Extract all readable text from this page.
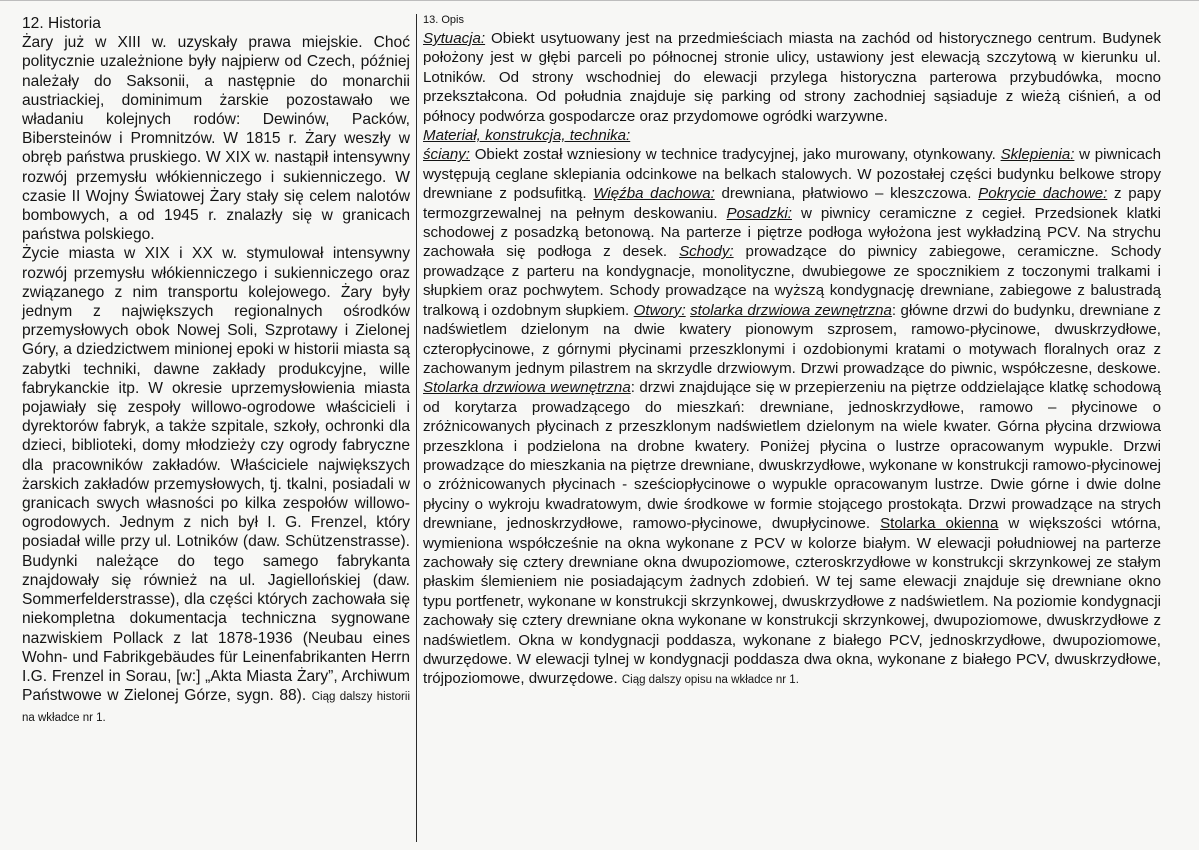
12. Historia

Żary już w XIII w. uzyskały prawa miejskie. Choć politycznie uzależnione były najpierw od Czech, później należały do Saksonii, a następnie do monarchii austriackiej, dominimum żarskie pozostawało we władaniu kolejnych rodów: Dewinów, Packów, Bibersteinów i Promnitzów. W 1815 r. Żary weszły w obręb państwa pruskiego. W XIX w. nastąpił intensywny rozwój przemysłu włókienniczego i sukienniczego. W czasie II Wojny Światowej Żary stały się celem nalotów bombowych, a od 1945 r. znalazły się w granicach państwa polskiego.

Życie miasta w XIX i XX w. stymulował intensywny rozwój przemysłu włókienniczego i sukienniczego oraz związanego z nim transportu kolejowego. Żary były jednym z największych regionalnych ośrodków przemysłowych obok Nowej Soli, Szprotawy i Zielonej Góry, a dziedzictwem minionej epoki w historii miasta są zabytki techniki, dawne zakłady produkcyjne, wille fabrykanckie itp. W okresie uprzemysłowienia miasta pojawiały się zespoły willowo-ogrodowe właścicieli i dyrektorów fabryk, a także szpitale, szkoły, ochronki dla dzieci, biblioteki, domy młodzieży czy ogrody fabryczne dla pracowników zakładów. Właściciele największych żarskich zakładów przemysłowych, tj. tkalni, posiadali w granicach swych własności po kilka zespołów willowo-ogrodowych. Jednym z nich był I. G. Frenzel, który posiadał wille przy ul. Lotników (daw. Schützenstrasse). Budynki należące do tego samego fabrykanta znajdowały się również na ul. Jagiellońskiej (daw. Sommerfelderstrasse), dla części których zachowała się niekompletna dokumentacja techniczna sygnowane nazwiskiem Pollack z lat 1878-1936 (Neubau eines Wohn- und Fabrikgebäudes für Leinenfabrikanten Herrn I.G. Frenzel in Sorau, [w:] „Akta Miasta Żary”, Archiwum Państwowe w Zielonej Górze, sygn. 88). Ciąg dalszy historii na wkładce nr 1.

13. Opis

Sytuacja: Obiekt usytuowany jest na przedmieściach miasta na zachód od historycznego centrum. Budynek położony jest w głębi parceli po północnej stronie ulicy, ustawiony jest elewacją szczytową w kierunku ul. Lotników. Od strony wschodniej do elewacji przylega historyczna parterowa przybudówka, mocno przekształcona. Od południa znajduje się parking od strony zachodniej sąsiaduje z wieżą ciśnień, a od północy podwórza gospodarcze oraz przydomowe ogródki warzywne.

Materiał, konstrukcja, technika:

ściany: Obiekt został wzniesiony w technice tradycyjnej, jako murowany, otynkowany. Sklepienia: w piwnicach występują ceglane sklepiania odcinkowe na belkach stalowych. W pozostałej części budynku belkowe stropy drewniane z podsufitką. Więźba dachowa: drewniana, płatwiowo – kleszczowa. Pokrycie dachowe: z papy termozgrzewalnej na pełnym deskowaniu. Posadzki: w piwnicy ceramiczne z cegieł. Przedsionek klatki schodowej z posadzką betonową. Na parterze i piętrze podłoga wyłożona jest wykładziną PCV. Na strychu zachowała się podłoga z desek. Schody: prowadzące do piwnicy zabiegowe, ceramiczne. Schody prowadzące z parteru na kondygnacje, monolityczne, dwubiegowe ze spocznikiem z toczonymi tralkami i słupkiem oraz pochwytem. Schody prowadzące na wyższą kondygnację drewniane, zabiegowe z balustradą tralkową i ozdobnym słupkiem. Otwory: stolarka drzwiowa zewnętrzna: główne drzwi do budynku, drewniane z nadświetlem dzielonym na dwie kwatery pionowym szprosem, ramowo-płycinowe, dwuskrzydłowe, czteropłycinowe, z górnymi płycinami przeszklonymi i ozdobionymi kratami o motywach floralnych oraz z zachowanym jednym pilastrem na skrzydle drzwiowym. Drzwi prowadzące do piwnic, współczesne, deskowe. Stolarka drzwiowa wewnętrzna: drzwi znajdujące się w przepierzeniu na piętrze oddzielające klatkę schodową od korytarza prowadzącego do mieszkań: drewniane, jednoskrzydłowe, ramowo – płycinowe o zróżnicowanych płycinach z przeszklonym nadświetlem dzielonym na wiele kwater. Górna płycina drzwiowa przeszklona i podzielona na drobne kwatery. Poniżej płycina o lustrze opracowanym wypukle. Drzwi prowadzące do mieszkania na piętrze drewniane, dwuskrzydłowe, wykonane w konstrukcji ramowo-płycinowej o zróżnicowanych płycinach - sześciopłycinowe o wypukle opracowanym lustrze. Dwie górne i dwie dolne płyciny o wykroju kwadratowym, dwie środkowe w formie stojącego prostokąta. Drzwi prowadzące na strych drewniane, jednoskrzydłowe, ramowo-płycinowe, dwupłycinowe. Stolarka okienna w większości wtórna, wymieniona współcześnie na okna wykonane z PCV w kolorze białym. W elewacji południowej na parterze zachowały się cztery drewniane okna dwupoziomowe, czteroskrzydłowe w konstrukcji skrzynkowej ze stałym płaskim ślemieniem nie posiadającym żadnych zdobień. W tej same elewacji znajduje się drewniane okno typu portfenetr, wykonane w konstrukcji skrzynkowej, dwuskrzydłowe z nadświetlem. Na poziomie kondygnacji zachowały się cztery drewniane okna wykonane w konstrukcji skrzynkowej, dwupoziomowe, dwuskrzydłowe z nadświetlem. Okna w kondygnacji poddasza, wykonane z białego PCV, jednoskrzydłowe, dwupoziomowe, dwurzędowe. W elewacji tylnej w kondygnacji poddasza dwa okna, wykonane z białego PCV, dwuskrzydłowe, trójpoziomowe, dwurzędowe. Ciąg dalszy opisu na wkładce nr 1.
